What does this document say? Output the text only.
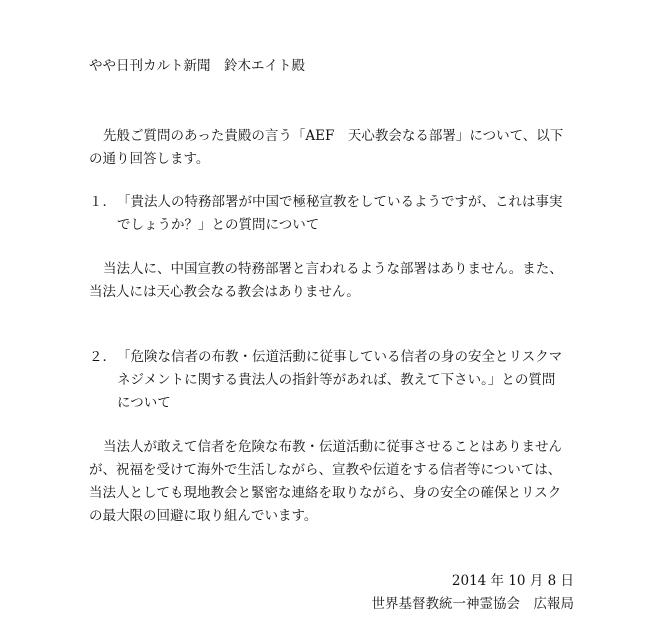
やや日刊カルト新聞　鈴木エイト殿
先般ご質問のあった貴殿の言う「AEF　天心教会なる部署」について、以下
の通り回答します。
１． 「貴法人の特務部署が中国で極秘宣教をしているようですが、これは事実
でしょうか？」との質問について
当法人に、中国宣教の特務部署と言われるような部署はありません。また、
当法人には天心教会なる教会はありません。
２． 「危険な信者の布教・伝道活動に従事している信者の身の安全とリスクマ
ネジメントに関する貴法人の指針等があれば、教えて下さい。」との質問
について
当法人が敢えて信者を危険な布教・伝道活動に従事させることはありません
が、祝福を受けて海外で生活しながら、宣教や伝道をする信者等については、
当法人としても現地教会と緊密な連絡を取りながら、身の安全の確保とリスク
の最大限の回避に取り組んでいます。
2014 年 10 月 8 日
世界基督教統一神霊協会　広報局
